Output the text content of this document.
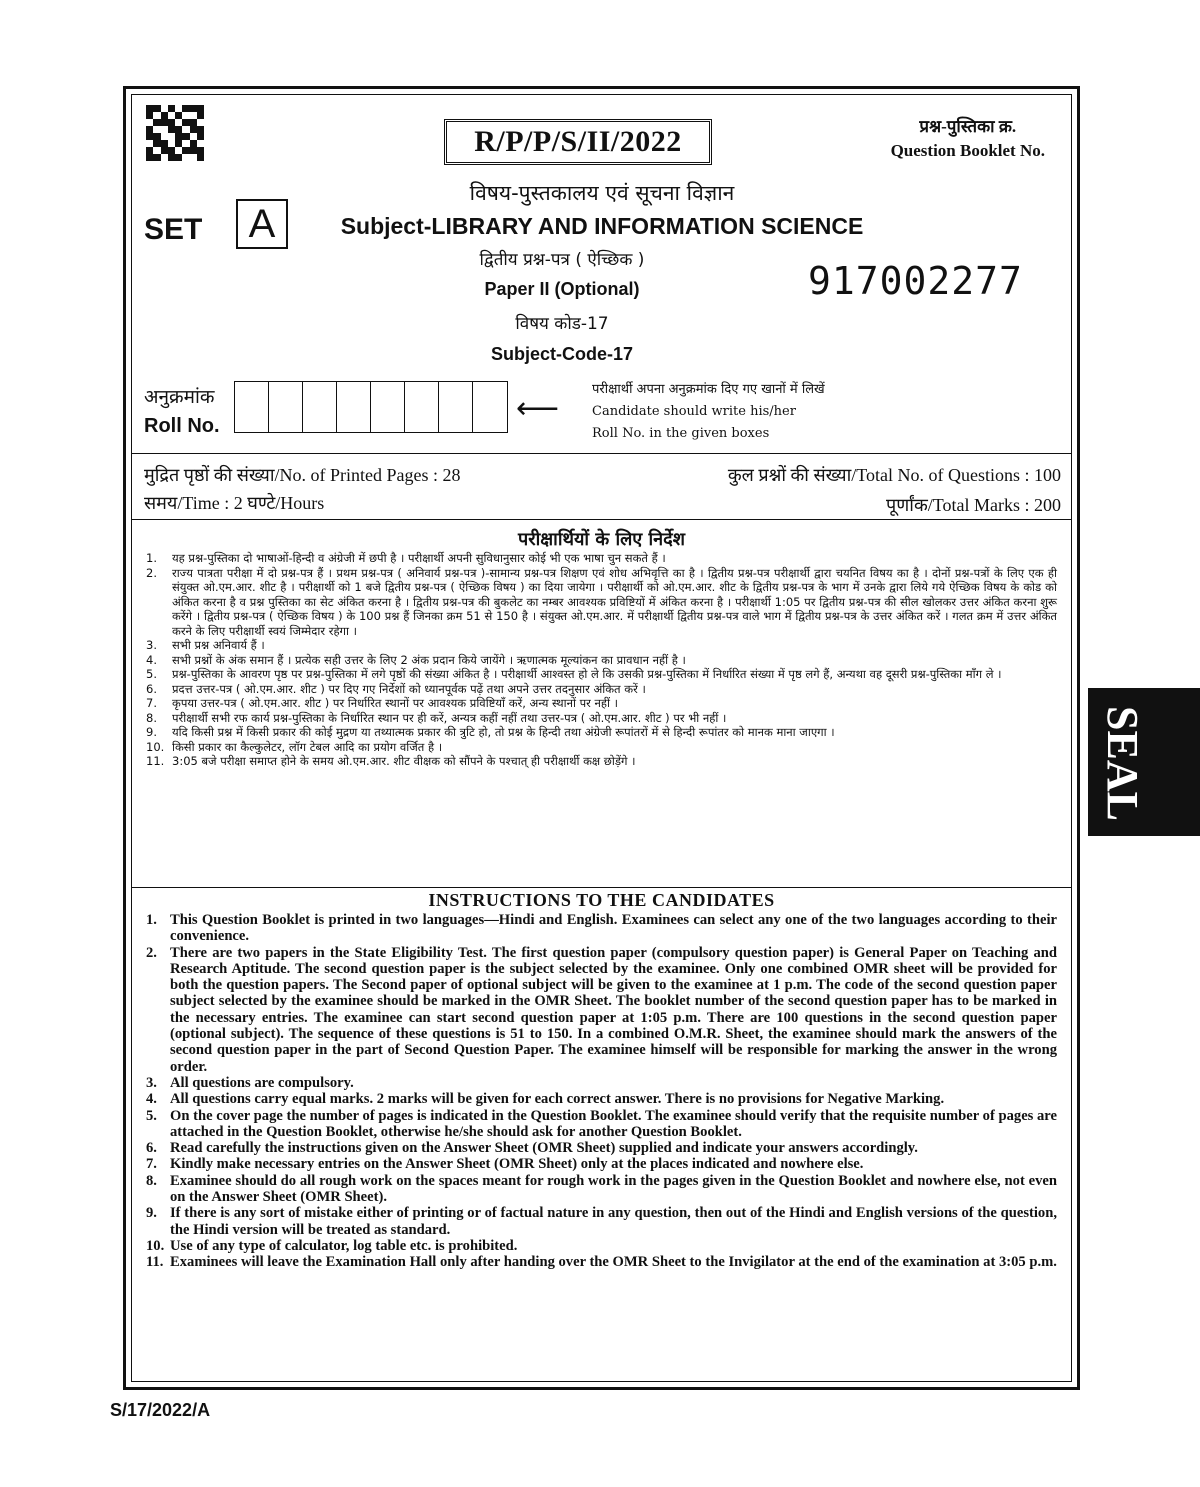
R/P/P/S/II/2022	प्रश्न-पुस्तिका क्र.
Question Booklet No.
SET	A
विषय-पुस्तकालय एवं सूचना विज्ञान
Subject-LIBRARY AND INFORMATION SCIENCE
द्वितीय प्रश्न-पत्र ( ऐच्छिक )
Paper II (Optional)
विषय कोड-17
Subject-Code-17
917002277
अनुक्रमांक
Roll No.	⟵
परीक्षार्थी अपना अनुक्रमांक दिए गए खानों में लिखें
Candidate should write his/her
Roll No. in the given boxes
मुद्रित पृष्ठों की संख्या/No. of Printed Pages : 28	कुल प्रश्नों की संख्या/Total No. of Questions : 100
समय/Time : 2 घण्टे/Hours	पूर्णांक/Total Marks : 200
परीक्षार्थियों के लिए निर्देश
1.	यह प्रश्न-पुस्तिका दो भाषाओं-हिन्दी व अंग्रेजी में छपी है । परीक्षार्थी अपनी सुविधानुसार कोई भी एक भाषा चुन सकते हैं ।
2.	राज्य पात्रता परीक्षा में दो प्रश्न-पत्र हैं । प्रथम प्रश्न-पत्र ( अनिवार्य प्रश्न-पत्र )-सामान्य प्रश्न-पत्र शिक्षण एवं शोध अभिवृत्ति का है । द्वितीय प्रश्न-पत्र परीक्षार्थी द्वारा चयनित विषय का है । दोनों प्रश्न-पत्रों के लिए एक ही संयुक्त ओ.एम.आर. शीट है । परीक्षार्थी को 1 बजे द्वितीय प्रश्न-पत्र ( ऐच्छिक विषय ) का दिया जायेगा । परीक्षार्थी को ओ.एम.आर. शीट के द्वितीय प्रश्न-पत्र के भाग में उनके द्वारा लिये गये ऐच्छिक विषय के कोड को अंकित करना है व प्रश्न पुस्तिका का सेट अंकित करना है । द्वितीय प्रश्न-पत्र की बुकलेट का नम्बर आवश्यक प्रविष्टियों में अंकित करना है । परीक्षार्थी 1:05 पर द्वितीय प्रश्न-पत्र की सील खोलकर उत्तर अंकित करना शुरू करेंगे । द्वितीय प्रश्न-पत्र ( ऐच्छिक विषय ) के 100 प्रश्न हैं जिनका क्रम 51 से 150 है । संयुक्त ओ.एम.आर. में परीक्षार्थी द्वितीय प्रश्न-पत्र वाले भाग में द्वितीय प्रश्न-पत्र के उत्तर अंकित करें । गलत क्रम में उत्तर अंकित करने के लिए परीक्षार्थी स्वयं जिम्मेदार रहेगा ।
3.	सभी प्रश्न अनिवार्य हैं ।
4.	सभी प्रश्नों के अंक समान हैं । प्रत्येक सही उत्तर के लिए 2 अंक प्रदान किये जायेंगे । ऋणात्मक मूल्यांकन का प्रावधान नहीं है ।
5.	प्रश्न-पुस्तिका के आवरण पृष्ठ पर प्रश्न-पुस्तिका में लगे पृष्ठों की संख्या अंकित है । परीक्षार्थी आश्वस्त हो ले कि उसकी प्रश्न-पुस्तिका में निर्धारित संख्या में पृष्ठ लगे हैं, अन्यथा वह दूसरी प्रश्न-पुस्तिका माँग ले ।
6.	प्रदत्त उत्तर-पत्र ( ओ.एम.आर. शीट ) पर दिए गए निर्देशों को ध्यानपूर्वक पढ़ें तथा अपने उत्तर तदनुसार अंकित करें ।
7.	कृपया उत्तर-पत्र ( ओ.एम.आर. शीट ) पर निर्धारित स्थानों पर आवश्यक प्रविष्टियाँ करें, अन्य स्थानों पर नहीं ।
8.	परीक्षार्थी सभी रफ कार्य प्रश्न-पुस्तिका के निर्धारित स्थान पर ही करें, अन्यत्र कहीं नहीं तथा उत्तर-पत्र ( ओ.एम.आर. शीट ) पर भी नहीं ।
9.	यदि किसी प्रश्न में किसी प्रकार की कोई मुद्रण या तथ्यात्मक प्रकार की त्रुटि हो, तो प्रश्न के हिन्दी तथा अंग्रेजी रूपांतरों में से हिन्दी रूपांतर को मानक माना जाएगा ।
10. किसी प्रकार का कैल्कुलेटर, लॉग टेबल आदि का प्रयोग वर्जित है ।
11. 3:05 बजे परीक्षा समाप्त होने के समय ओ.एम.आर. शीट वीक्षक को सौंपने के पश्चात् ही परीक्षार्थी कक्ष छोड़ेंगे ।
INSTRUCTIONS TO THE CANDIDATES
1. This Question Booklet is printed in two languages—Hindi and English. Examinees can select any one of the two languages according to their convenience.
2. There are two papers in the State Eligibility Test. The first question paper (compulsory question paper) is General Paper on Teaching and Research Aptitude. The second question paper is the subject selected by the examinee. Only one combined OMR sheet will be provided for both the question papers. The Second paper of optional subject will be given to the examinee at 1 p.m. The code of the second question paper subject selected by the examinee should be marked in the OMR Sheet. The booklet number of the second question paper has to be marked in the necessary entries. The examinee can start second question paper at 1:05 p.m. There are 100 questions in the second question paper (optional subject). The sequence of these questions is 51 to 150. In a combined O.M.R. Sheet, the examinee should mark the answers of the second question paper in the part of Second Question Paper. The examinee himself will be responsible for marking the answer in the wrong order.
3. All questions are compulsory.
4. All questions carry equal marks. 2 marks will be given for each correct answer. There is no provisions for Negative Marking.
5. On the cover page the number of pages is indicated in the Question Booklet. The examinee should verify that the requisite number of pages are attached in the Question Booklet, otherwise he/she should ask for another Question Booklet.
6. Read carefully the instructions given on the Answer Sheet (OMR Sheet) supplied and indicate your answers accordingly.
7. Kindly make necessary entries on the Answer Sheet (OMR Sheet) only at the places indicated and nowhere else.
8. Examinee should do all rough work on the spaces meant for rough work in the pages given in the Question Booklet and nowhere else, not even on the Answer Sheet (OMR Sheet).
9. If there is any sort of mistake either of printing or of factual nature in any question, then out of the Hindi and English versions of the question, the Hindi version will be treated as standard.
10. Use of any type of calculator, log table etc. is prohibited.
11. Examinees will leave the Examination Hall only after handing over the OMR Sheet to the Invigilator at the end of the examination at 3:05 p.m.
S/17/2022/A
SEAL
